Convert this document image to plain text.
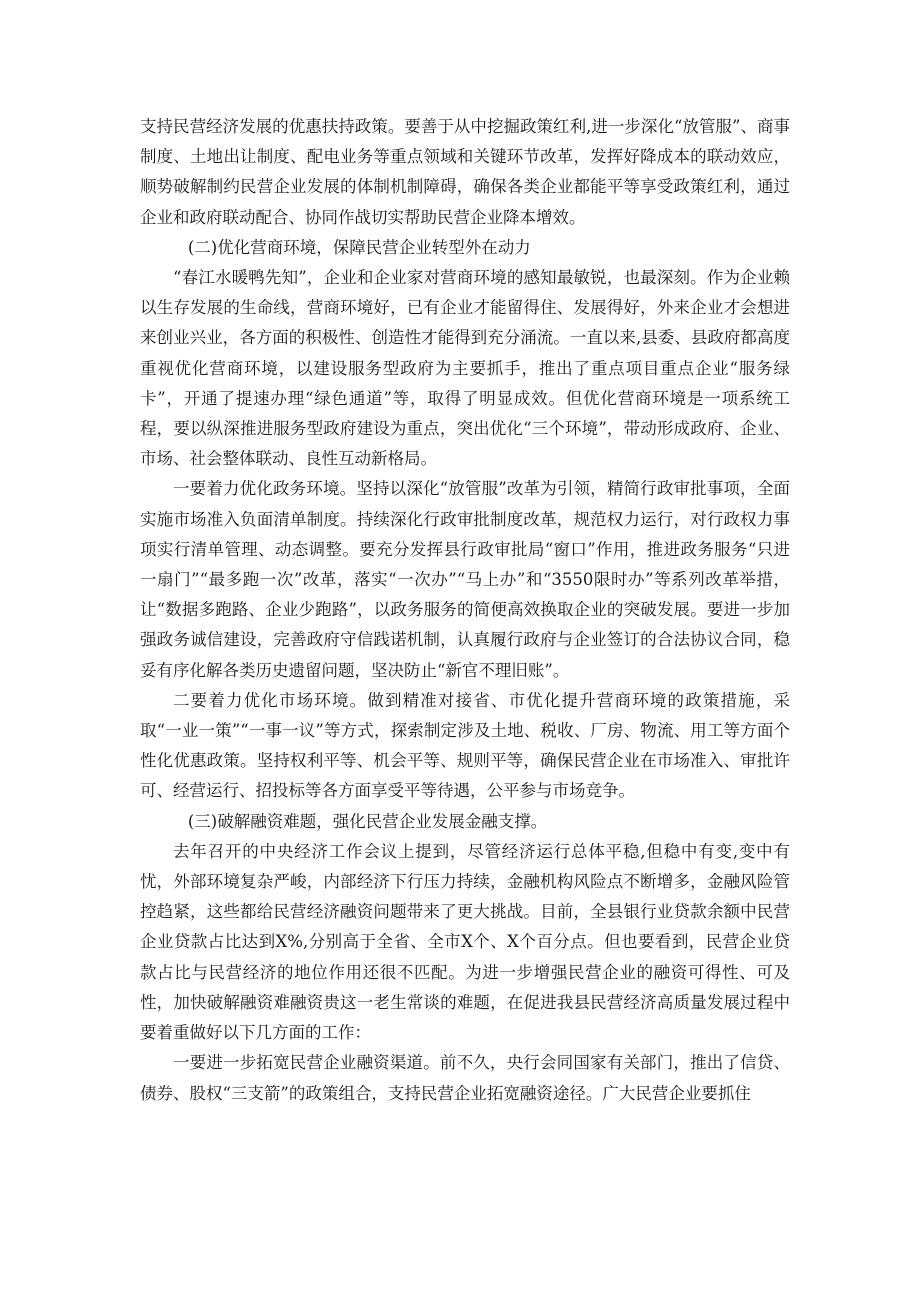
支持民营经济发展的优惠扶持政策。要善于从中挖掘政策红利,进一步深化“放管服”、商事制度、土地出让制度、配电业务等重点领域和关键环节改革，发挥好降成本的联动效应，顺势破解制约民营企业发展的体制机制障碍，确保各类企业都能平等享受政策红利，通过企业和政府联动配合、协同作战切实帮助民营企业降本增效。

(二)优化营商环境，保障民营企业转型外在动力

“春江水暖鸭先知”，企业和企业家对营商环境的感知最敏锐，也最深刻。作为企业赖以生存发展的生命线，营商环境好，已有企业才能留得住、发展得好，外来企业才会想进来创业兴业，各方面的积极性、创造性才能得到充分涌流。一直以来,县委、县政府都高度重视优化营商环境，以建设服务型政府为主要抓手，推出了重点项目重点企业“服务绿卡”，开通了提速办理“绿色通道”等，取得了明显成效。但优化营商环境是一项系统工程，要以纵深推进服务型政府建设为重点，突出优化“三个环境”，带动形成政府、企业、市场、社会整体联动、良性互动新格局。

一要着力优化政务环境。坚持以深化“放管服”改革为引领，精简行政审批事项，全面实施市场准入负面清单制度。持续深化行政审批制度改革，规范权力运行，对行政权力事项实行清单管理、动态调整。要充分发挥县行政审批局“窗口”作用，推进政务服务“只进一扇门”“最多跑一次”改革，落实“一次办”“马上办”和“3550限时办”等系列改革举措，让“数据多跑路、企业少跑路”，以政务服务的简便高效换取企业的突破发展。要进一步加强政务诚信建设，完善政府守信践诺机制，认真履行政府与企业签订的合法协议合同，稳妥有序化解各类历史遗留问题，坚决防止“新官不理旧账”。

二要着力优化市场环境。做到精准对接省、市优化提升营商环境的政策措施，采取“一业一策”“一事一议”等方式，探索制定涉及土地、税收、厂房、物流、用工等方面个性化优惠政策。坚持权利平等、机会平等、规则平等，确保民营企业在市场准入、审批许可、经营运行、招投标等各方面享受平等待遇，公平参与市场竞争。

(三)破解融资难题，强化民营企业发展金融支撑。

去年召开的中央经济工作会议上提到，尽管经济运行总体平稳,但稳中有变,变中有忧，外部环境复杂严峻，内部经济下行压力持续，金融机构风险点不断增多，金融风险管控趋紧，这些都给民营经济融资问题带来了更大挑战。目前，全县银行业贷款余额中民营企业贷款占比达到X%,分别高于全省、全市X个、X个百分点。但也要看到，民营企业贷款占比与民营经济的地位作用还很不匹配。为进一步增强民营企业的融资可得性、可及性，加快破解融资难融资贵这一老生常谈的难题，在促进我县民营经济高质量发展过程中要着重做好以下几方面的工作：

一要进一步拓宽民营企业融资渠道。前不久，央行会同国家有关部门，推出了信贷、债券、股权“三支箭”的政策组合，支持民营企业拓宽融资途径。广大民营企业要抓住
